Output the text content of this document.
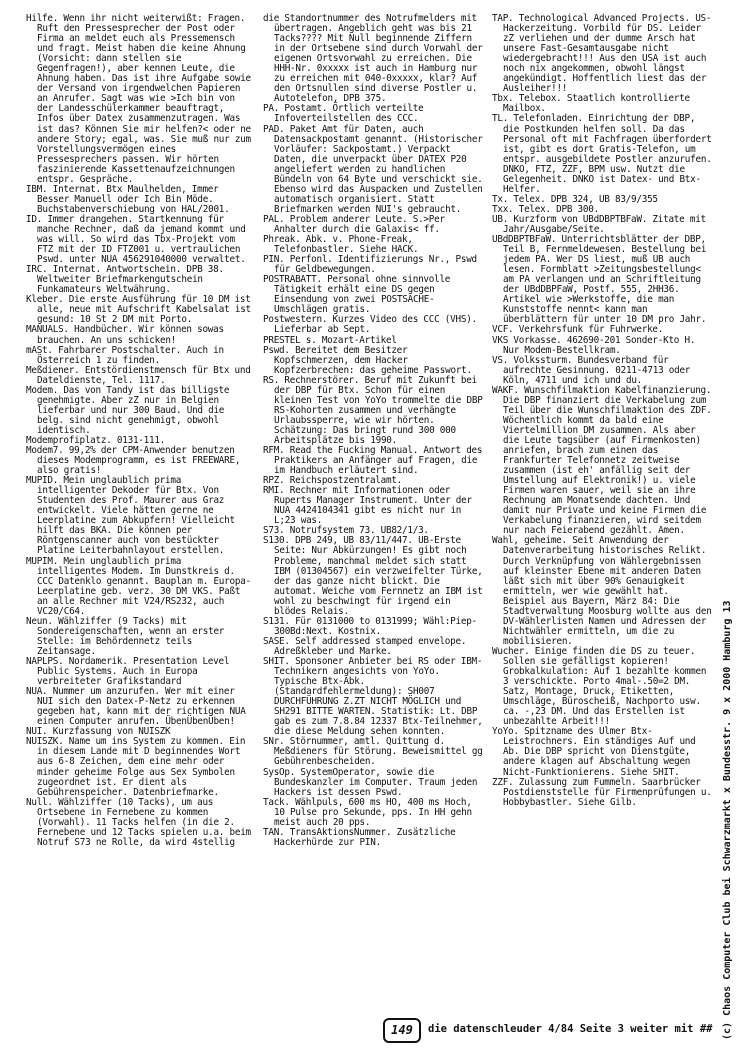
Hilfe. Wenn ihr nicht weiterwißt: Fragen. Ruft den Pressesprecher der Post oder Firma an meldet euch als Pressemensch und fragt. Meist haben die keine Ahnung (Vorsicht: dann stellen sie Gegenfragen!), aber kennen Leute, die Ahnung haben. Das ist ihre Aufgabe sowie der Versand von irgendwelchen Papieren an Anrufer. Sagt was wie >Ich bin von der Landesschülerkammer beauftragt, Infos über Datex zusammenzutragen. Was ist das? Können Sie mir helfen?< oder ne andere Story; egal, was. Sie muß nur zum Vorstellungsvermögen eines Pressesprechers passen. Wir hörten faszinierende Kassettenaufzeichnungen entspr. Gespräche.

IBM. Internat. Btx Maulhelden, Immer Besser Manuell oder Ich Bin Möde. Buchstabenverschiebung von HAL/2001.

ID. Immer drangehen. Startkennung für manche Rechner, daß da jemand kommt und was will. So wird das Tbx-Projekt vom FTZ mit der ID FTZ001 u. vertraulichen Pswd. unter NUA 456291040000 verwaltet.

IRC. Internat. Antwortschein. DPB 38. Weltweiter Briefmarkengutschein Funkamateurs Weltwährung.

Kleber. Die erste Ausführung für 10 DM ist alle, neue mit Aufschrift Kabelsalat ist gesund: 10 St 2 DM mit Porto.

MANUALS. Handbücher. Wir können sowas brauchen. An uns schicken!

mASt. Fahrbarer Postschalter. Auch in Österreich 1 zu finden.

Meßdiener. Entstördienstmensch für Btx und Dateldienste, Tel. 1117.

Modem. Das von Tandy ist das billigste genehmigte. Aber zZ nur in Belgien lieferbar und nur 300 Baud. Und die belg. sind nicht genehmigt, obwohl identisch.

Modemprofiplatz. 0131-111.

Modem7. 99,2% der CPM-Anwender benutzen dieses Modemprogramm, es ist FREEWARE, also gratis!

MUPID. Mein unglaublich prima intelligenter Dekoder für Btx. Von Studenten des Prof. Maurer aus Graz entwickelt. Viele hätten gerne ne Leerplatine zum Abkupfern! Vielleicht hilft das BKA. Die können per Röntgenscanner auch von bestückter Platine Leiterbahnlayout erstellen.

MUPIM. Mein unglaublich prima intelligentes Modem. Im Dunstkreis d. CCC Datenklo genannt. Bauplan m. Europa-Leerplatine geb. verz. 30 DM VKS. Paßt an alle Rechner mit V24/RS232, auch VC20/C64.

Neun. Wählziffer (9 Tacks) mit Sondereigenschaften, wenn an erster Stelle: im Behördennetz teils Zeitansage.

NAPLPS. Nordamerik. Presentation Level Public Systems. Auch in Europa verbreiteter Grafikstandard

NUA. Nummer um anzurufen. Wer mit einer NUI sich den Datex-P-Netz zu erkennen gegeben hat, kann mit der richtigen NUA einen Computer anrufen. ÜbenÜbenÜben!

NUI. Kurzfassung von NUISZK

NUISZK. Name um ins System zu kommen. Ein in diesem Lande mit D beginnendes Wort aus 6-8 Zeichen, dem eine mehr oder minder geheime Folge aus Sex Symbolen zugeordnet ist. Er dient als Gebührenspeicher. Datenbriefmarke.

Null. Wählziffer (10 Tacks), um aus Ortsebene in Fernebene zu kommen (Vorwahl). 11 Tacks helfen (in die 2. Fernebene und 12 Tacks spielen u.a. beim Notruf S73 ne Rolle, da wird 4stellig

die Standortnummer des Notrufmelders mit übertragen. Angeblich geht was bis 21 Tacks???? Mit Null beginnende Ziffern in der Ortsebene sind durch Vorwahl der eigenen Ortsvorwahl zu erreichen. Die HHH-Nr. 0xxxxx ist auch in Hamburg nur zu erreichen mit 040-0xxxxx, klar? Auf den Ortsnullen sind diverse Postler u. Autotelefon, DPB 375.

PA. Postamt. Örtlich verteilte Infoverteilstellen des CCC.

PAD. Paket Amt für Daten, auch Datensackpostamt genannt. (Historischer Vorläufer: Sackpostamt.) Verpackt Daten, die unverpackt über DATEX P20 angeliefert werden zu handlichen Bündeln von 64 Byte und verschickt sie. Ebenso wird das Auspacken und Zustellen automatisch organisiert. Statt Briefmarken werden NUI's gebraucht.

PAL. Problem anderer Leute. S.>Per Anhalter durch die Galaxis< ff.

Phreak. Abk. v. Phone-Freak, Telefonbastler. Siehe HACK.

PIN. Perfonl. Identifizierungs Nr., Pswd für Geldbewegungen.

POSTRABATT. Personal ohne sinnvolle Tätigkeit erhält eine DS gegen Einsendung von zwei POSTSACHE-Umschlägen gratis.

Postwestern. Kurzes Video des CCC (VHS). Lieferbar ab Sept.

PRESTEL s. Mozart-Artikel

Pswd. Bereitet dem Besitzer Kopfschmerzen, dem Hacker Kopfzerbrechen: das geheime Passwort.

RS. Rechnerstörer. Beruf mit Zukunft bei der DBP für Btx. Schon für einen kleinen Test von YoYo trommelte die DBP RS-Kohorten zusammen und verhängte Urlaubssperre, wie wir hörten. Schätzung: Das bringt rund 300 000 Arbeitsplätze bis 1990.

RFM. Read the Fucking Manual. Antwort des Praktikers an Anfänger auf Fragen, die im Handbuch erläutert sind.

RPZ. Reichspostzentralamt.

RMI. Rechner mit Informationen oder Ruperts Manager Instrument. Unter der NUA 4424104341 gibt es nicht nur in L;23 was.

S73. Notrufsystem 73. UB82/1/3.

S130. DPB 249, UB 83/11/447. UB-Erste Seite: Nur Abkürzungen! Es gibt noch Probleme, manchmal meldet sich statt IBM (01304567) ein verzweifelter Türke, der das ganze nicht blickt. Die automat. Weiche vom Fernnetz an IBM ist wohl zu beschwingt für irgend ein blödes Relais.

S131. Für 0131000 to 0131999; Wähl:Piep-300Bd:Next. Kostnix.

SASE. Self addressed stamped envelope. Adreßkleber und Marke.

SHIT. Sponsoner Anbieter bei RS oder IBM-Technikern angesichts von YoYo. Typische Btx-Abk. (Standardfehlermeldung): SH007 DURCHFÜHRUNG Z.ZT NICHT MÖGLICH und SH291 BITTE WARTEN. Statistik: Lt. DBP gab es zum 7.8.84 12337 Btx-Teilnehmer, die diese Meldung sehen konnten.

SNr. Störnummer, amtl. Quittung d. Meßdieners für Störung. Beweismittel gg Gebührenbescheiden.

SysOp. SystemOperator, sowie die Bundeskanzler im Computer. Traum jeden Hackers ist dessen Pswd.

Tack. Wählpuls, 600 ms HO, 400 ms Hoch, 10 Pulse pro Sekunde, pps. In HH gehn meist auch 20 pps.

TAN. TransAktionsNummer. Zusätzliche Hackerhürde zur PIN.

TAP. Technological Advanced Projects. US-Hackerzeitung. Vorbild für DS. Leider zZ verliehen und der dumme Arsch hat unsere Fast-Gesamtausgabe nicht wiedergebracht!!! Aus den USA ist auch noch nix angekommen, obwohl längst angekündigt. Hoffentlich liest das der Ausleiher!!!

Tbx. Telebox. Staatlich kontrollierte Mailbox.

TL. Telefonladen. Einrichtung der DBP, die Postkunden helfen soll. Da das Personal oft mit Fachfragen überfordert ist, gibt es dort Gratis-Telefon, um entspr. ausgebildete Postler anzurufen. DNKO, FTZ, ZZF, BPM usw. Nutzt die Gelegenheit. DNKO ist Datex- und Btx-Helfer.

Tx. Telex. DPB 324, UB 83/9/355

Txx. Telex. DPB 300.

UB. Kurzform von UBdDBPTBFaW. Zitate mit Jahr/Ausgabe/Seite.

UBdDBPTBFaW. Unterrichtsblätter der DBP, Teil B, Fernmeldewesen. Bestellung bei jedem PA. Wer DS liest, muß UB auch lesen. Formblatt >Zeitungsbestellung< am PA verlangen und an Schriftleitung der UBdDBPFaW, Postf. 555, 2HH36. Artikel wie >Werkstoffe, die man Kunststoffe nennt< kann man überblättern für unter 10 DM pro Jahr.

VCF. Verkehrsfunk für Fuhrwerke.

VKS Vorkasse. 462690-201 Sonder-Kto H. Nur Modem-Bestellkram.

VS. Volkssturm. Bundesverband für aufrechte Gesinnung. 0211-4713 oder Köln, 4711 und ich und du.

WAKF. Wunschfilmaktion Kabelfinanzierung. Die DBP finanziert die Verkabelung zum Teil über die Wunschfilmaktion des ZDF. Wöchentlich kommt da bald eine Viertelmillion DM zusammen. Als aber die Leute tagsüber (auf Firmenkosten) anriefen, brach zum einen das Frankfurter Telefonnetz zeitweise zusammen (ist eh' anfällig seit der Umstellung auf Elektronik!) u. viele Firmen waren sauer, weil sie an ihre Rechnung am Monatsende dachten. Und damit nur Private und keine Firmen die Verkabelung finanzieren, wird seitdem nur nach Feierabend gezählt. Amen.

Wahl, geheime. Seit Anwendung der Datenverarbeitung historisches Relikt. Durch Verknüpfung von Wählergebnissen auf kleinster Ebene mit anderen Daten läßt sich mit über 90% Genauigkeit ermitteln, wer wie gewählt hat. Beispiel aus Bayern, März 84: Die Stadtverwaltung Moosburg wollte aus den DV-Wählerlisten Namen und Adressen der Nichtwähler ermitteln, um die zu mobilisieren.

Wucher. Einige finden die DS zu teuer. Sollen sie gefälligst kopieren! Grobkalkulation: Auf 1 bezahlte kommen 3 verschickte. Porto 4mal-.50=2 DM. Satz, Montage, Druck, Etiketten, Umschläge, Büroscheiß, Nachporto usw. ca. -,23 DM. Und das Erstellen ist unbezahlte Arbeit!!!

YoYo. Spitzname des Ulmer Btx-Leistrochners. Ein ständiges Auf und Ab. Die DBP spricht von Dienstgüte, andere klagen auf Abschaltung wegen Nicht-Funktionierens. Siehe SHIT.

ZZF. Zulassung zum Fummeln. Saarbrücker Postdienststelle für Firmenprüfungen u. Hobbybastler. Siehe Gilb.

149	die datenschleuder 4/84 Seite 3 weiter mit ## (c) Chaos Computer Club bei Schwarzmarkt x Bundesstr. 9 x 2000 Hamburg 13
